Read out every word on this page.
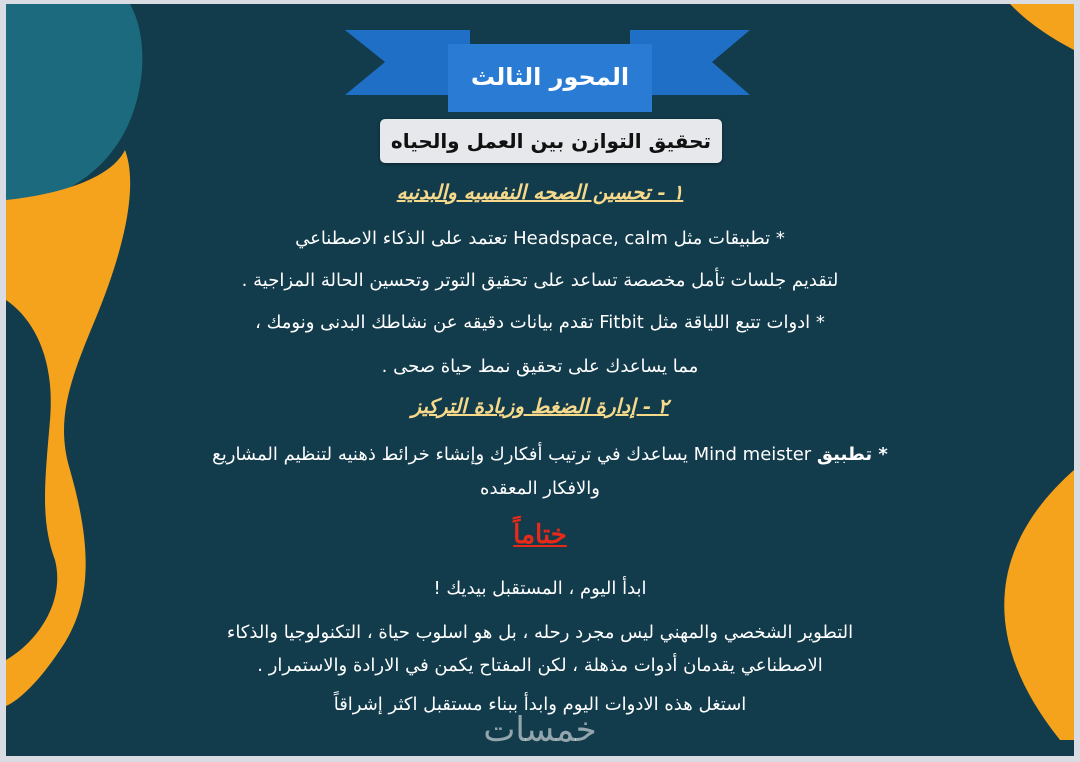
المحور الثالث
تحقيق التوازن بين العمل والحياه
١ - تحسين الصحه النفسيه والبدنيه
* تطبيقات مثل Headspace, calm تعتمد على الذكاء الاصطناعي
لتقديم جلسات تأمل مخصصة تساعد على تحقيق التوتر وتحسين الحالة المزاجية .
* ادوات تتبع اللياقة مثل Fitbit تقدم بيانات دقيقه عن نشاطك البدنى ونومك ،
مما يساعدك على تحقيق نمط حياة صحى .
٢ - إدارة الضغط وزيادة التركيز
* تطبيق Mind meister يساعدك في ترتيب أفكارك وإنشاء خرائط ذهنيه لتنظيم المشاريع
والافكار المعقده
ختاماً
ابدأ اليوم ، المستقبل بيديك !
التطوير الشخصي والمهني ليس مجرد رحله ، بل هو اسلوب حياة ، التكنولوجيا والذكاء
الاصطناعي يقدمان أدوات مذهلة ، لكن المفتاح يكمن في الارادة والاستمرار .
استغل هذه الادوات اليوم وابدأ ببناء مستقبل اكثر إشراقاً
خمسات
